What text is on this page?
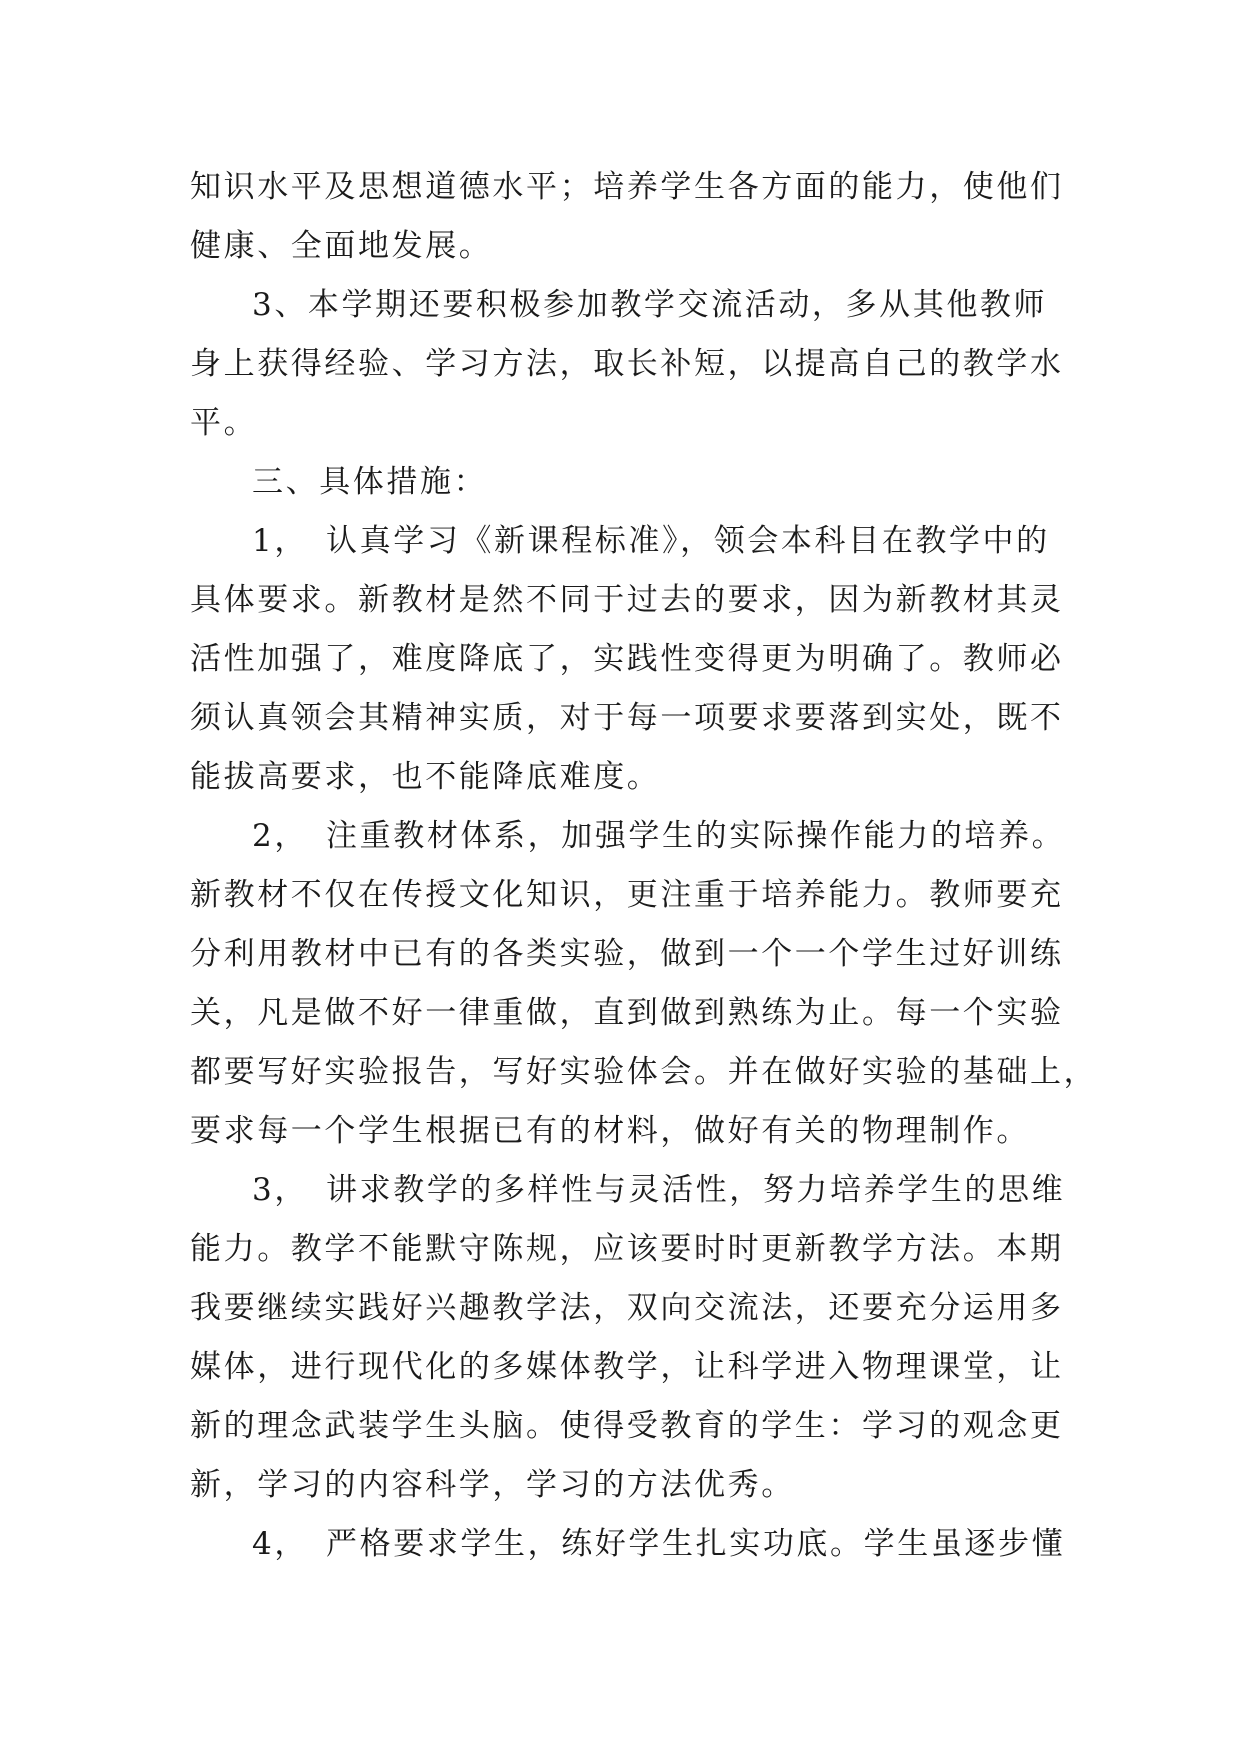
知识水平及思想道德水平；培养学生各方面的能力，使他们
健康、全面地发展。
3、本学期还要积极参加教学交流活动，多从其他教师
身上获得经验、学习方法，取长补短，以提高自己的教学水
平。
三、具体措施：
1，　认真学习《新课程标准》，领会本科目在教学中的
具体要求。新教材是然不同于过去的要求，因为新教材其灵
活性加强了，难度降底了，实践性变得更为明确了。教师必
须认真领会其精神实质，对于每一项要求要落到实处，既不
能拔高要求，也不能降底难度。
2，　注重教材体系，加强学生的实际操作能力的培养。
新教材不仅在传授文化知识，更注重于培养能力。教师要充
分利用教材中已有的各类实验，做到一个一个学生过好训练
关，凡是做不好一律重做，直到做到熟练为止。每一个实验
都要写好实验报告，写好实验体会。并在做好实验的基础上，
要求每一个学生根据已有的材料，做好有关的物理制作。
3，　讲求教学的多样性与灵活性，努力培养学生的思维
能力。教学不能默守陈规，应该要时时更新教学方法。本期
我要继续实践好兴趣教学法，双向交流法，还要充分运用多
媒体，进行现代化的多媒体教学，让科学进入物理课堂，让
新的理念武装学生头脑。使得受教育的学生：学习的观念更
新，学习的内容科学，学习的方法优秀。
4，　严格要求学生，练好学生扎实功底。学生虽逐步懂
